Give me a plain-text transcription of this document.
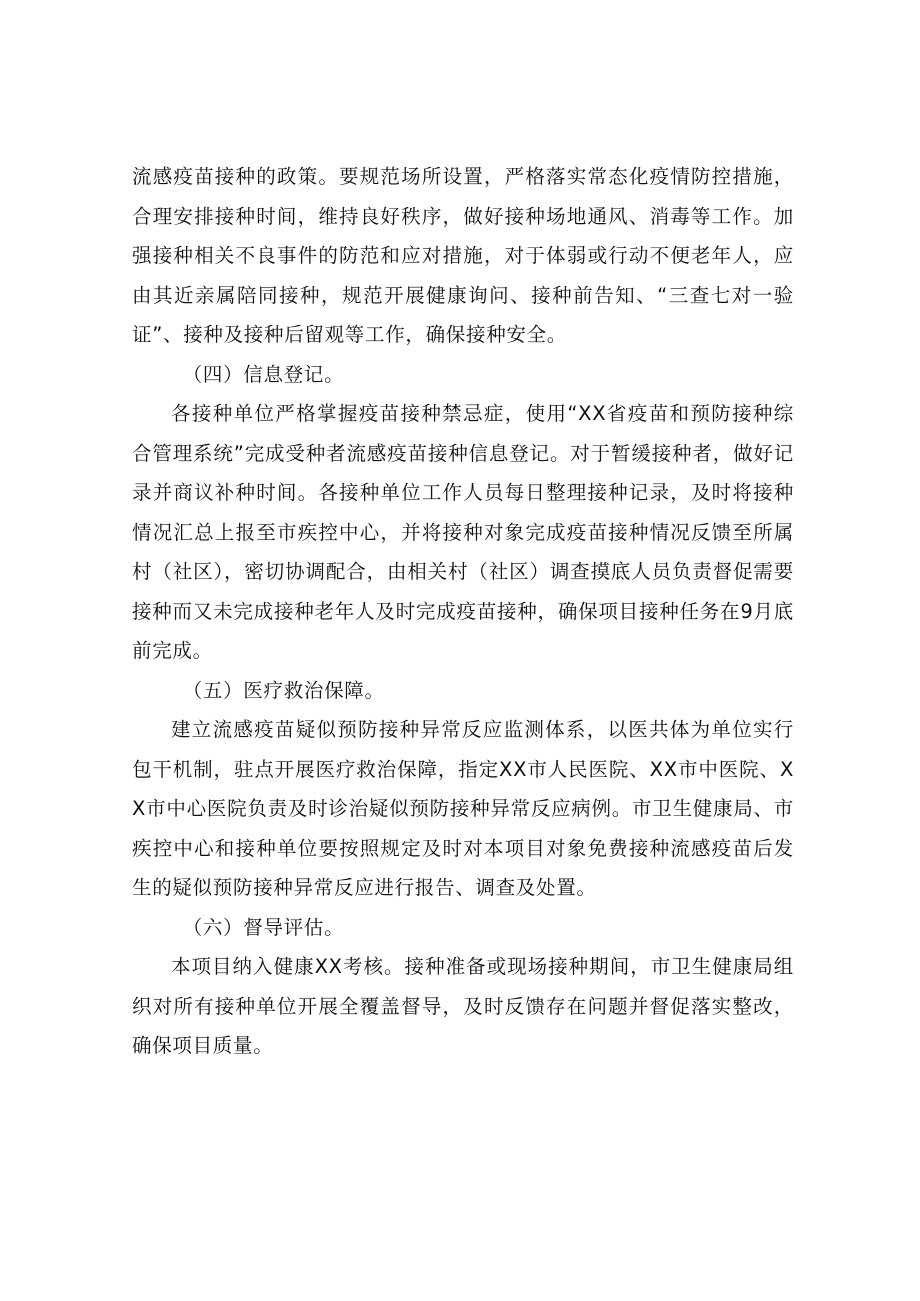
流感疫苗接种的政策。要规范场所设置，严格落实常态化疫情防控措施，合理安排接种时间，维持良好秩序，做好接种场地通风、消毒等工作。加强接种相关不良事件的防范和应对措施，对于体弱或行动不便老年人，应由其近亲属陪同接种，规范开展健康询问、接种前告知、“三查七对一验证”、接种及接种后留观等工作，确保接种安全。

（四）信息登记。

各接种单位严格掌握疫苗接种禁忌症，使用“XX省疫苗和预防接种综合管理系统”完成受种者流感疫苗接种信息登记。对于暂缓接种者，做好记录并商议补种时间。各接种单位工作人员每日整理接种记录，及时将接种情况汇总上报至市疾控中心，并将接种对象完成疫苗接种情况反馈至所属村（社区），密切协调配合，由相关村（社区）调查摸底人员负责督促需要接种而又未完成接种老年人及时完成疫苗接种，确保项目接种任务在9月底前完成。

（五）医疗救治保障。

建立流感疫苗疑似预防接种异常反应监测体系，以医共体为单位实行包干机制，驻点开展医疗救治保障，指定XX市人民医院、XX市中医院、XX市中心医院负责及时诊治疑似预防接种异常反应病例。市卫生健康局、市疾控中心和接种单位要按照规定及时对本项目对象免费接种流感疫苗后发生的疑似预防接种异常反应进行报告、调查及处置。

（六）督导评估。

本项目纳入健康XX考核。接种准备或现场接种期间，市卫生健康局组织对所有接种单位开展全覆盖督导，及时反馈存在问题并督促落实整改，确保项目质量。
